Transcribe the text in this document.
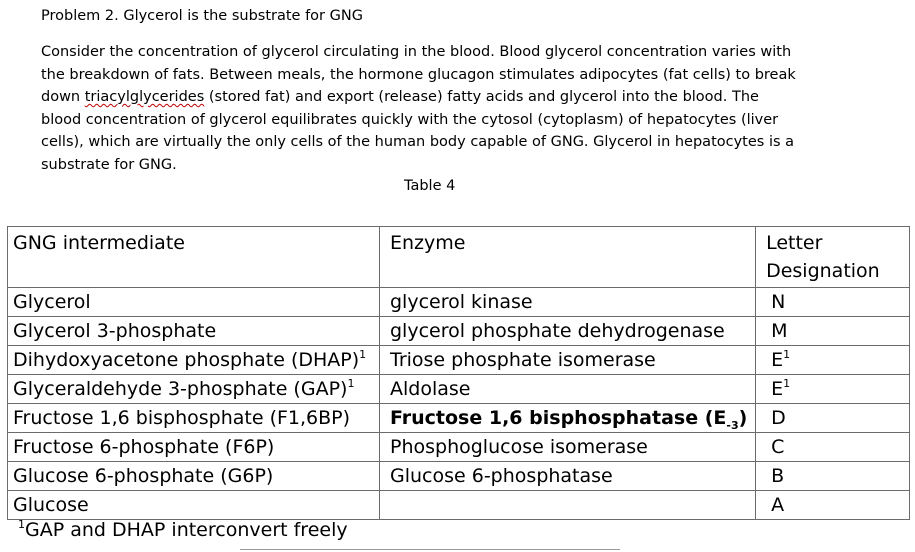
Problem 2. Glycerol is the substrate for GNG
Consider the concentration of glycerol circulating in the blood. Blood glycerol concentration varies with
the breakdown of fats. Between meals, the hormone glucagon stimulates adipocytes (fat cells) to break
down triacylglycerides (stored fat) and export (release) fatty acids and glycerol into the blood. The
blood concentration of glycerol equilibrates quickly with the cytosol (cytoplasm) of hepatocytes (liver
cells), which are virtually the only cells of the human body capable of GNG. Glycerol in hepatocytes is a
substrate for GNG.
Table 4
GNG intermediate	Enzyme	Letter
Designation
Glycerol	glycerol kinase	N
Glycerol 3-phosphate	glycerol phosphate dehydrogenase	M
Dihydoxyacetone phosphate (DHAP)$^1$	Triose phosphate isomerase	$E^1$
Glyceraldehyde 3-phosphate (GAP)$^1$	Aldolase	$E^1$
Fructose 1,6 bisphosphate (F1,6BP)	Fructose 1,6 bisphosphatase $(E_{-3})$	D
Fructose 6-phosphate (F6P)	Phosphoglucose isomerase	C
Glucose 6-phosphate (G6P)	Glucose 6-phosphatase	B
Glucose		A
$^1$GAP and DHAP interconvert freely
